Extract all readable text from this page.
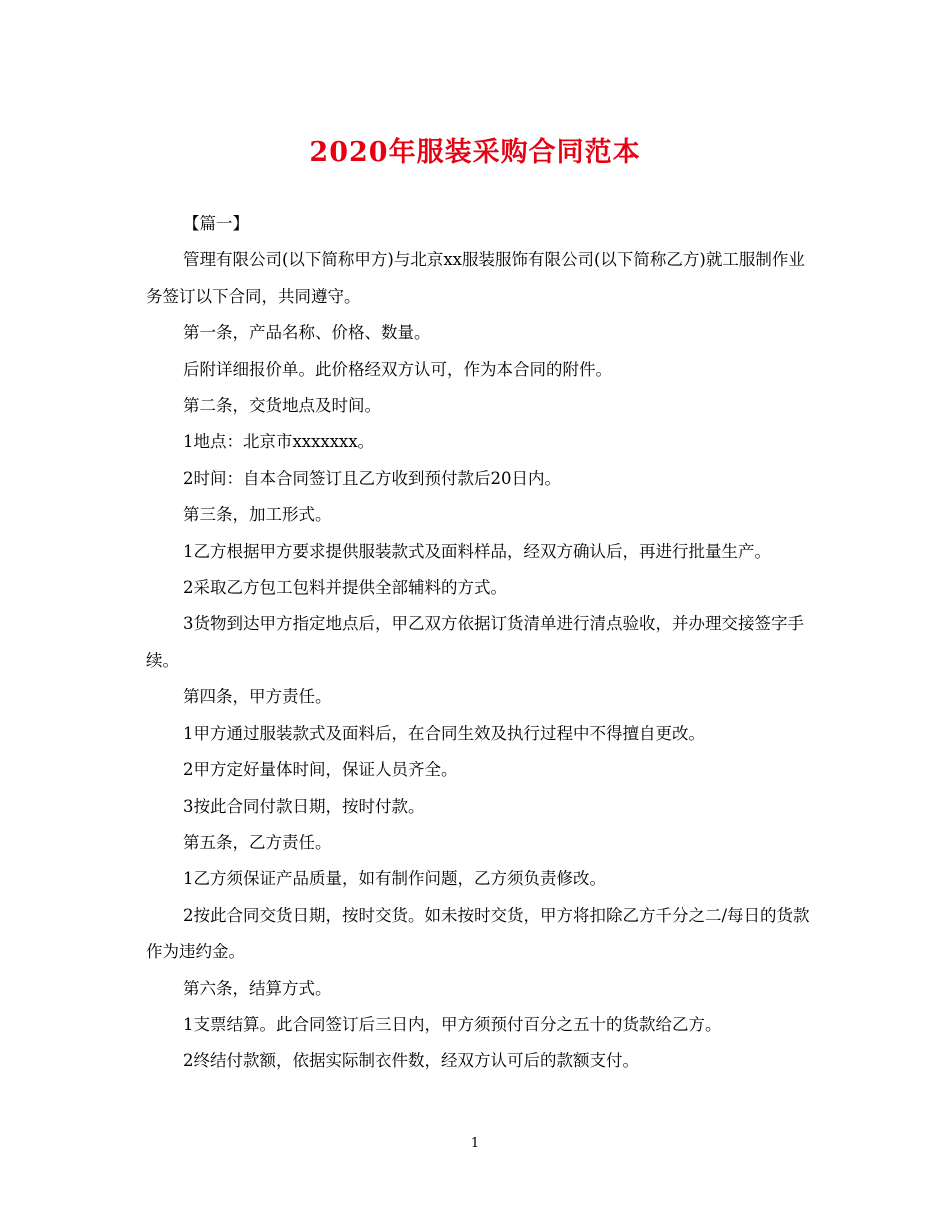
2020年服装采购合同范本

【篇一】

管理有限公司(以下简称甲方)与北京xx服装服饰有限公司(以下简称乙方)就工服制作业务签订以下合同，共同遵守。

第一条，产品名称、价格、数量。

后附详细报价单。此价格经双方认可，作为本合同的附件。

第二条，交货地点及时间。

1地点：北京市xxxxxxx。

2时间：自本合同签订且乙方收到预付款后20日内。

第三条，加工形式。

1乙方根据甲方要求提供服装款式及面料样品，经双方确认后，再进行批量生产。

2采取乙方包工包料并提供全部辅料的方式。

3货物到达甲方指定地点后，甲乙双方依据订货清单进行清点验收，并办理交接签字手续。

第四条，甲方责任。

1甲方通过服装款式及面料后，在合同生效及执行过程中不得擅自更改。

2甲方定好量体时间，保证人员齐全。

3按此合同付款日期，按时付款。

第五条，乙方责任。

1乙方须保证产品质量，如有制作问题，乙方须负责修改。

2按此合同交货日期，按时交货。如未按时交货，甲方将扣除乙方千分之二/每日的货款作为违约金。

第六条，结算方式。

1支票结算。此合同签订后三日内，甲方须预付百分之五十的货款给乙方。

2终结付款额，依据实际制衣件数，经双方认可后的款额支付。

1
